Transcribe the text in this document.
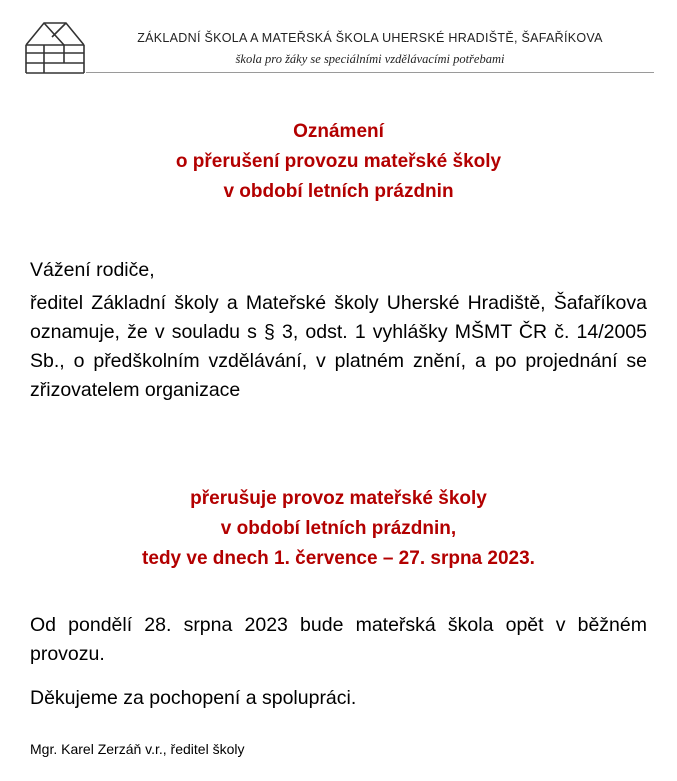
ZÁKLADNÍ ŠKOLA A MATEŘSKÁ ŠKOLA UHERSKÉ HRADIŠTĚ, ŠAFAŘÍKOVA
škola pro žáky se speciálními vzdělávacími potřebami
Oznámení
o přerušení provozu mateřské školy
v období letních prázdnin
Vážení rodiče,
ředitel Základní školy a Mateřské školy Uherské Hradiště, Šafaříkova oznamuje, že v souladu s § 3, odst. 1 vyhlášky MŠMT ČR č. 14/2005 Sb., o předškolním vzdělávání, v platném znění, a po projednání se zřizovatelem organizace
přerušuje provoz mateřské školy
v období letních prázdnin,
tedy ve dnech 1. července – 27. srpna 2023.
Od pondělí 28. srpna 2023 bude mateřská škola opět v běžném provozu.
Děkujeme za pochopení a spolupráci.
Mgr. Karel Zerzáň v.r., ředitel školy
